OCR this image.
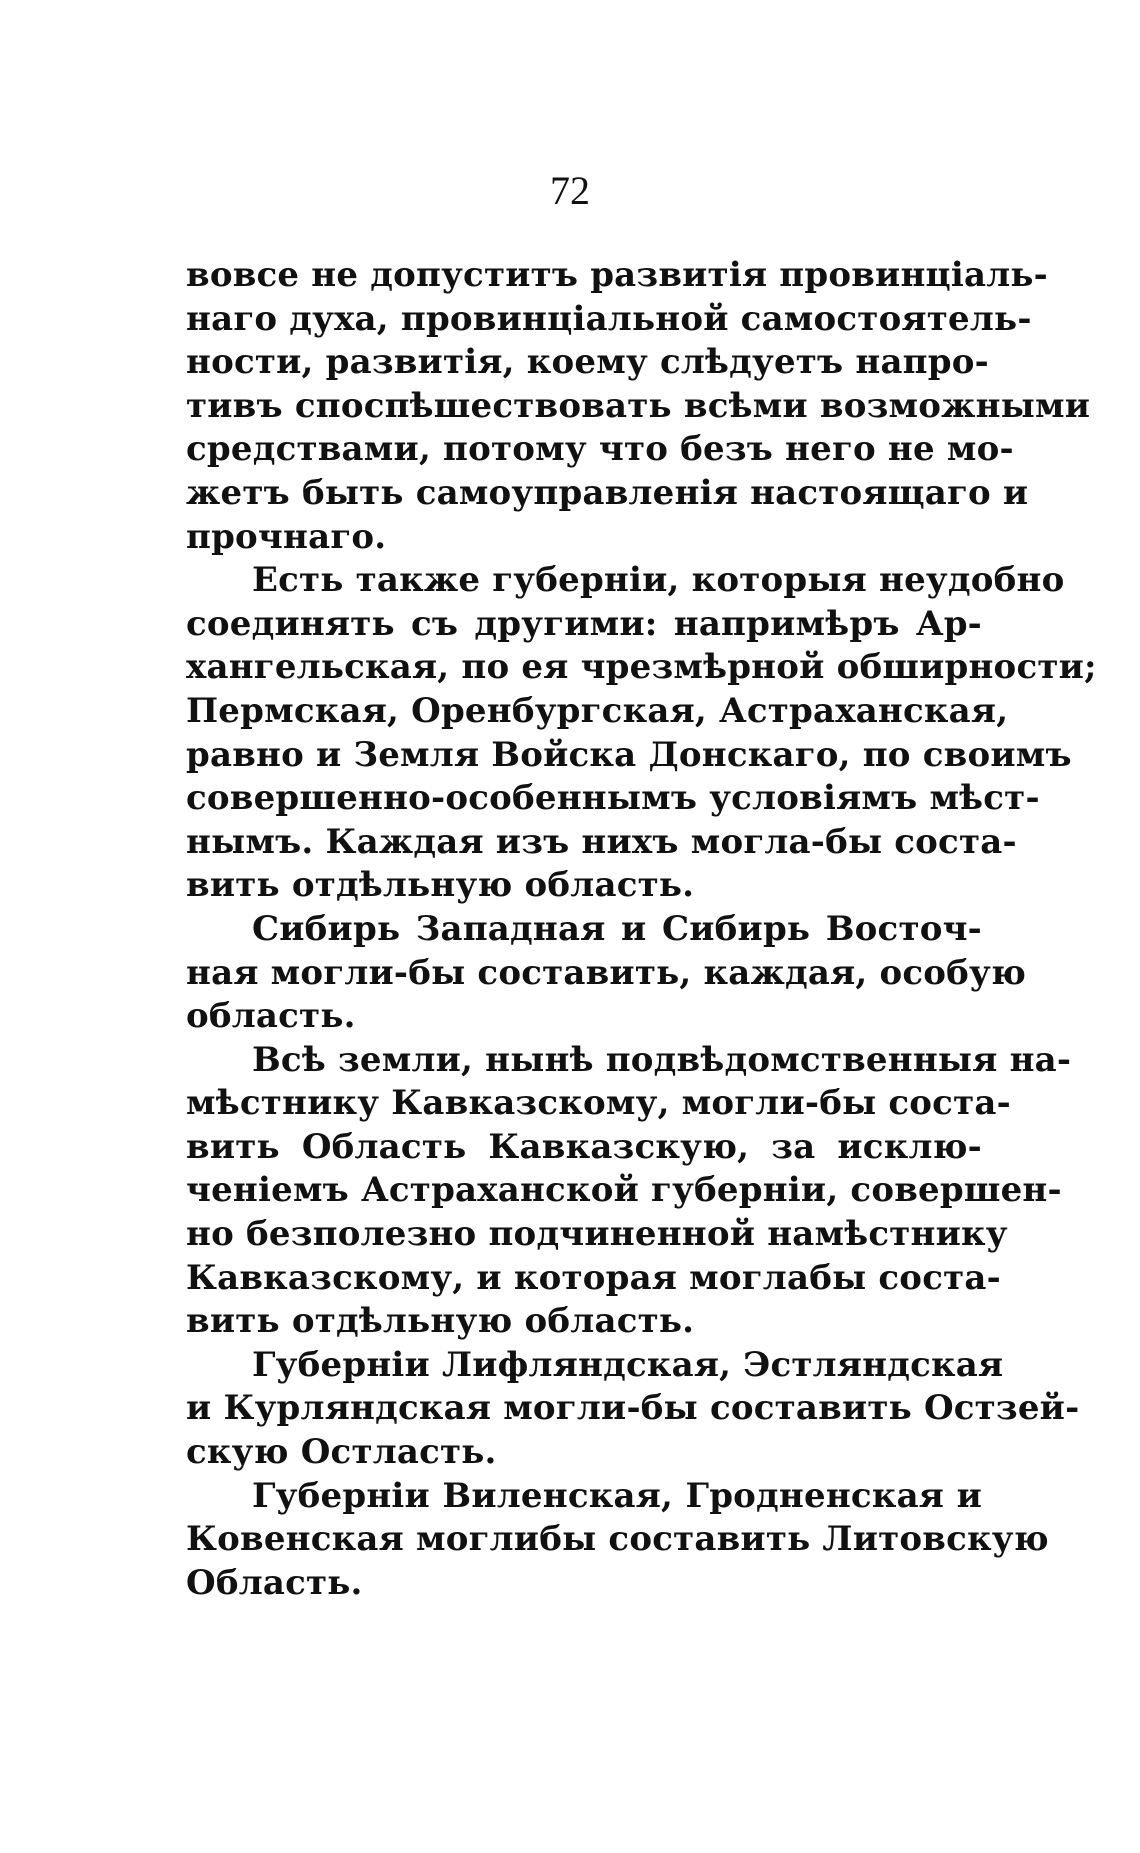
72
вовсе не допуститъ развитія провинціаль-
наго духа, провинціальной самостоятель-
ности, развитія, коему слѣдуетъ напро-
тивъ споспѣшествовать всѣми возможными
средствами, потому что безъ него не мо-
жетъ быть самоуправленія настоящаго и
прочнаго.
Есть также губерніи, которыя неудобно
соединять съ другими: напримѣръ Ар-
хангельская, по ея чрезмѣрной обширности;
Пермская, Оренбургская, Астраханская,
равно и Земля Войска Донскаго, по своимъ
совершенно-особеннымъ условіямъ мѣст-
нымъ. Каждая изъ нихъ могла-бы соста-
вить отдѣльную область.
Сибирь Западная и Сибирь Восточ-
ная могли-бы составить, каждая, особую
область.
Всѣ земли, нынѣ подвѣдомственныя на-
мѣстнику Кавказскому, могли-бы соста-
вить Область Кавказскую, за исклю-
ченіемъ Астраханской губерніи, совершен-
но безполезно подчиненной намѣстнику
Кавказскому, и которая моглабы соста-
вить отдѣльную область.
Губерніи Лифляндская, Эстляндская
и Курляндская могли-бы составить Остзей-
скую Остласть.
Губерніи Виленская, Гродненская и
Ковенская моглибы составить Литовскую
Область.
